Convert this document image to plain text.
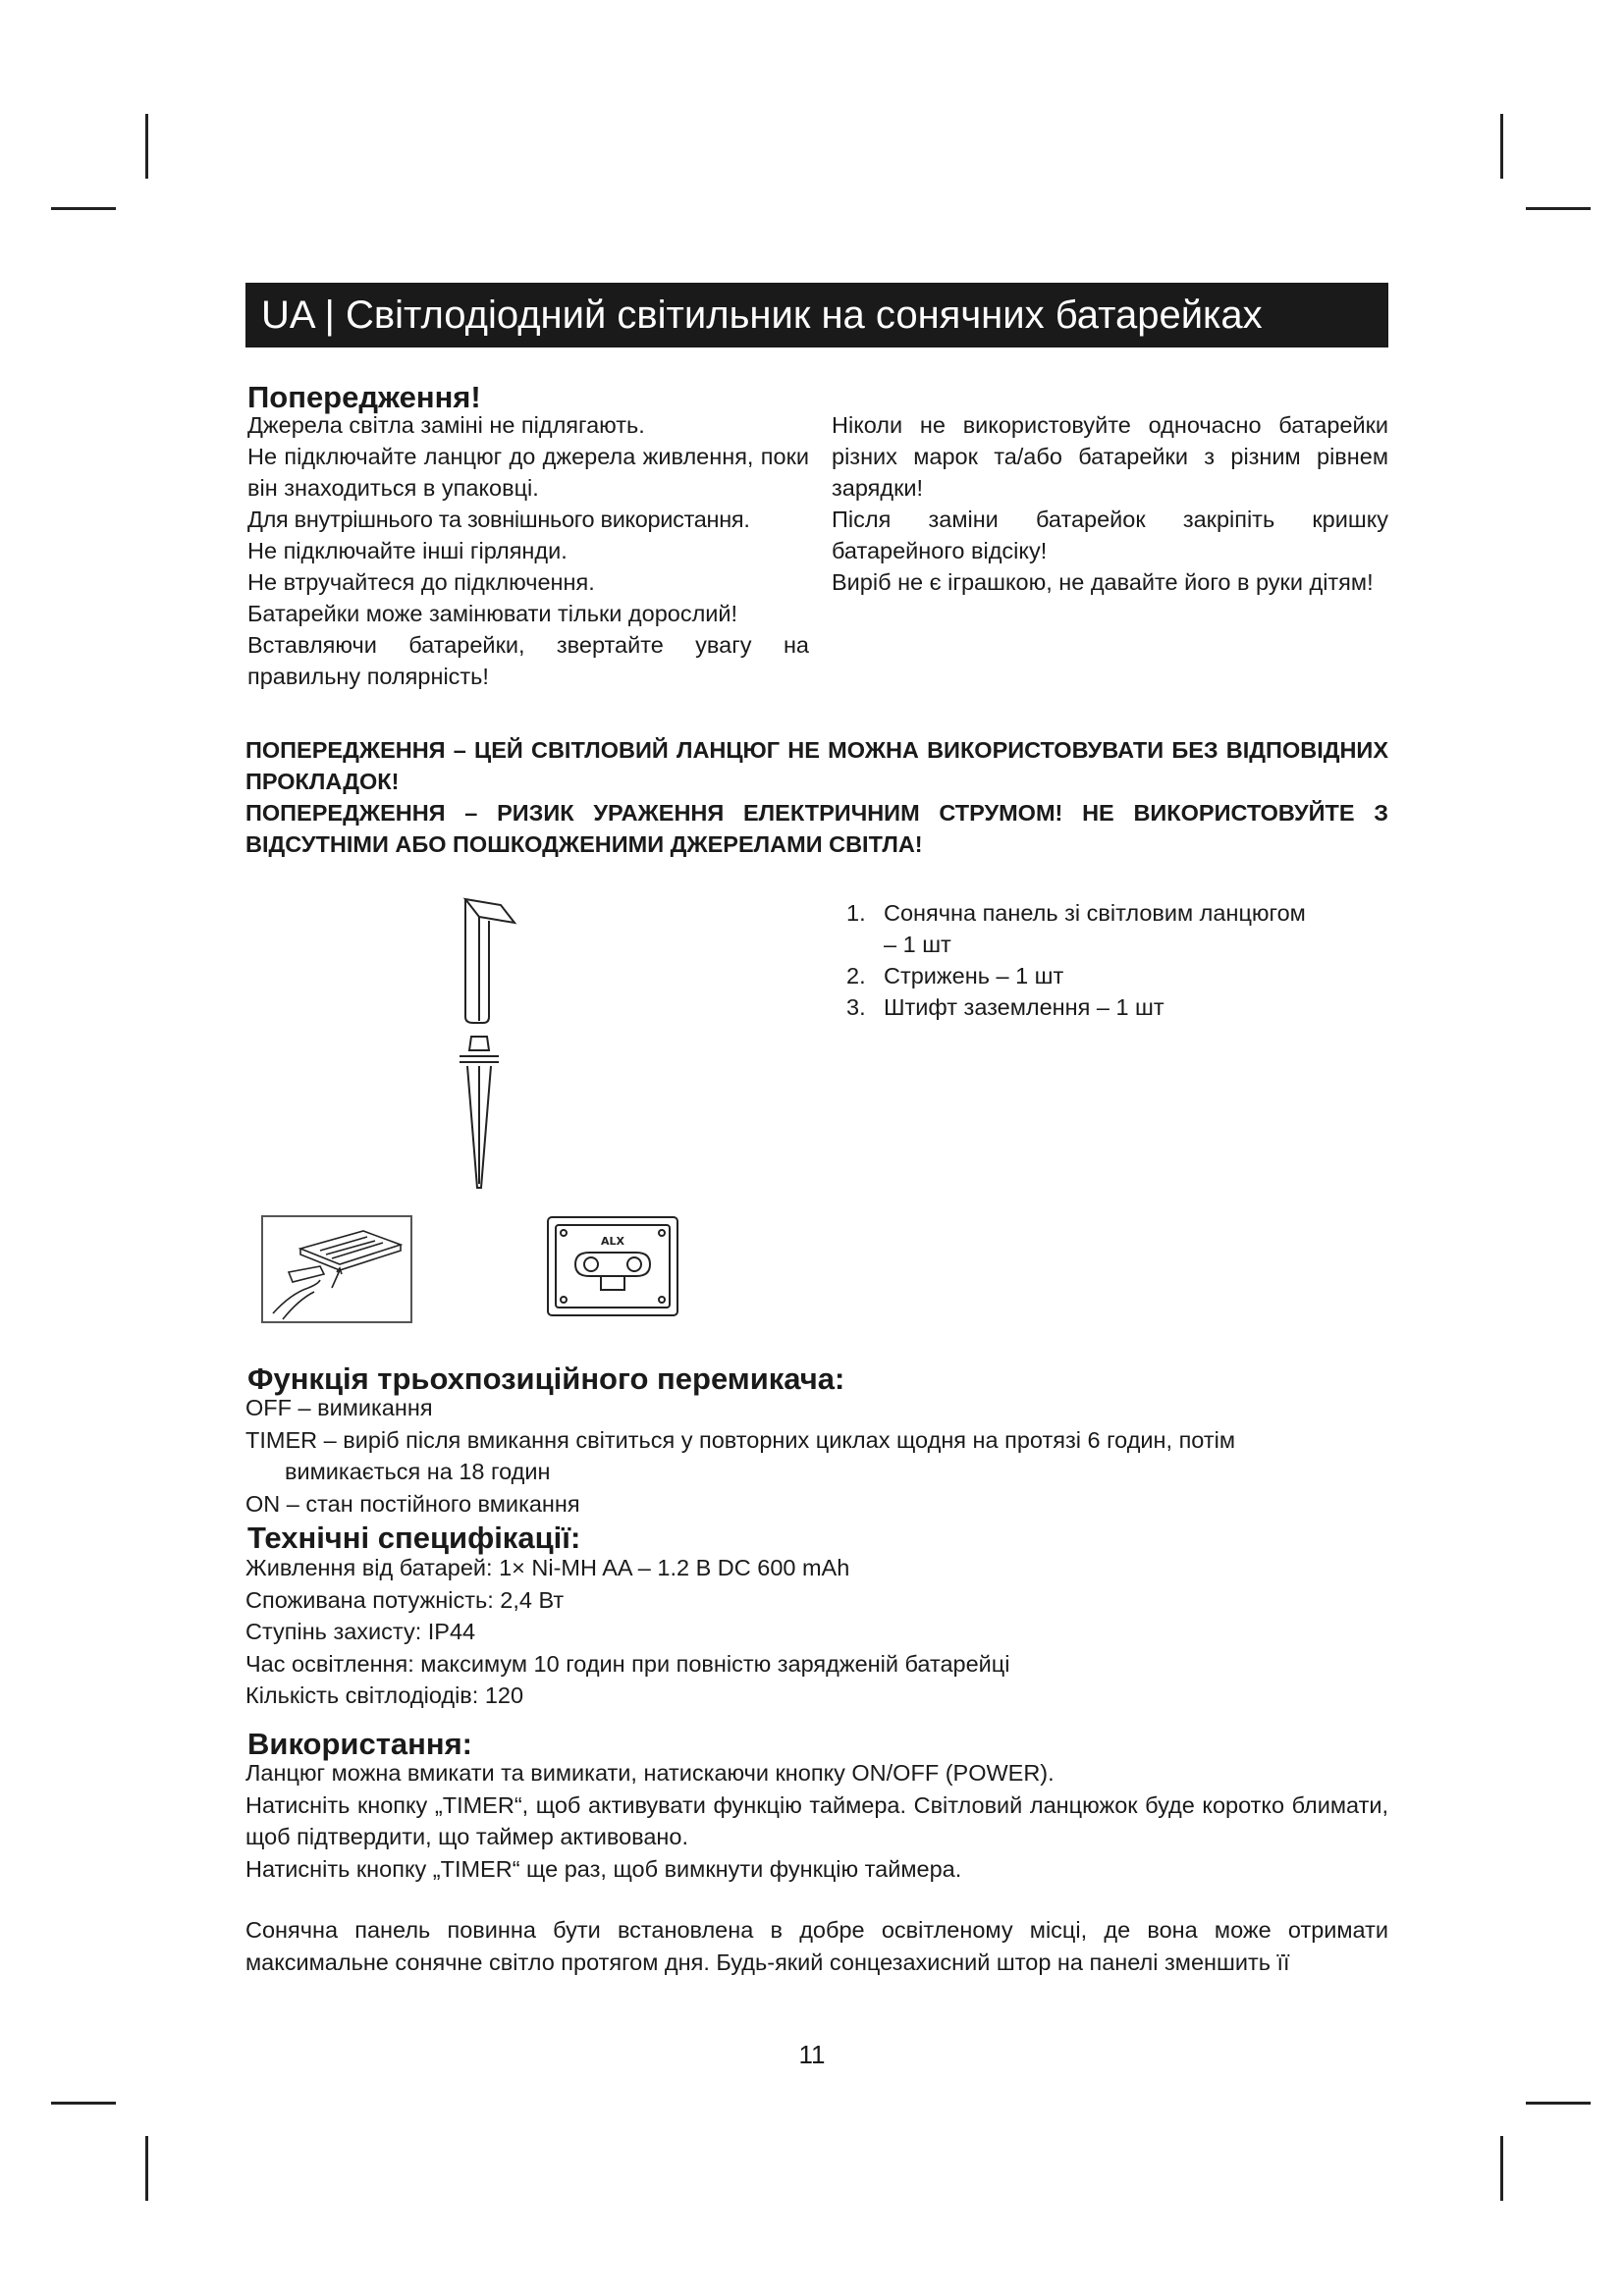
UA | Світлодіодний світильник на сонячних батарейках
Попередження!

Джерела світла заміні не підлягають.

Не підключайте ланцюг до джерела живлення, поки він знаходиться в упаковці.

Для внутрішнього та зовнішнього використання.

Не підключайте інші гірлянди.

Не втручайтеся до підключення.

Батарейки може замінювати тільки дорослий!

Вставляючи батарейки, звертайте увагу на правильну полярність!

Ніколи не використовуйте одночасно батарейки різних марок та/або батарейки з різним рівнем зарядки!

Після заміни батарейок закріпіть кришку батарейного відсіку!

Виріб не є іграшкою, не давайте його в руки дітям!

ПОПЕРЕДЖЕННЯ – ЦЕЙ СВІТЛОВИЙ ЛАНЦЮГ НЕ МОЖНА ВИКОРИСТОВУВАТИ БЕЗ ВІДПОВІДНИХ ПРОКЛАДОК!

ПОПЕРЕДЖЕННЯ – РИЗИК УРАЖЕННЯ ЕЛЕКТРИЧНИМ СТРУМОМ! НЕ ВИКОРИСТОВУЙТЕ З ВІДСУТНІМИ АБО ПОШКОДЖЕНИМИ ДЖЕРЕЛАМИ СВІТЛА!

ALX
1. Сонячна панель зі світловим ланцюгом
– 1 шт
2. Стрижень – 1 шт
3. Штифт заземлення – 1 шт
Функція трьохпозиційного перемикача:

OFF – вимикання

TIMER – виріб після вмикання світиться у повторних циклах щодня на протязі 6 годин, потім

вимикається на 18 годин

ON – стан постійного вмикання

Технічні специфікації:

Живлення від батарей: 1× Ni-MH AA – 1.2 В DC 600 mAh

Споживана потужність: 2,4 Вт

Ступінь захисту: IP44

Час освітлення: максимум 10 годин при повністю зарядженій батарейці

Кількість світлодіодів: 120

Використання:

Ланцюг можна вмикати та вимикати, натискаючи кнопку ON/OFF (POWER).

Натисніть кнопку „TIMER“, щоб активувати функцію таймера. Світловий ланцюжок буде коротко блимати, щоб підтвердити, що таймер активовано.

Натисніть кнопку „TIMER“ ще раз, щоб вимкнути функцію таймера.

Сонячна панель повинна бути встановлена в добре освітленому місці, де вона може отримати максимальне сонячне світло протягом дня. Будь-який сонцезахисний штор на панелі зменшить її
11
